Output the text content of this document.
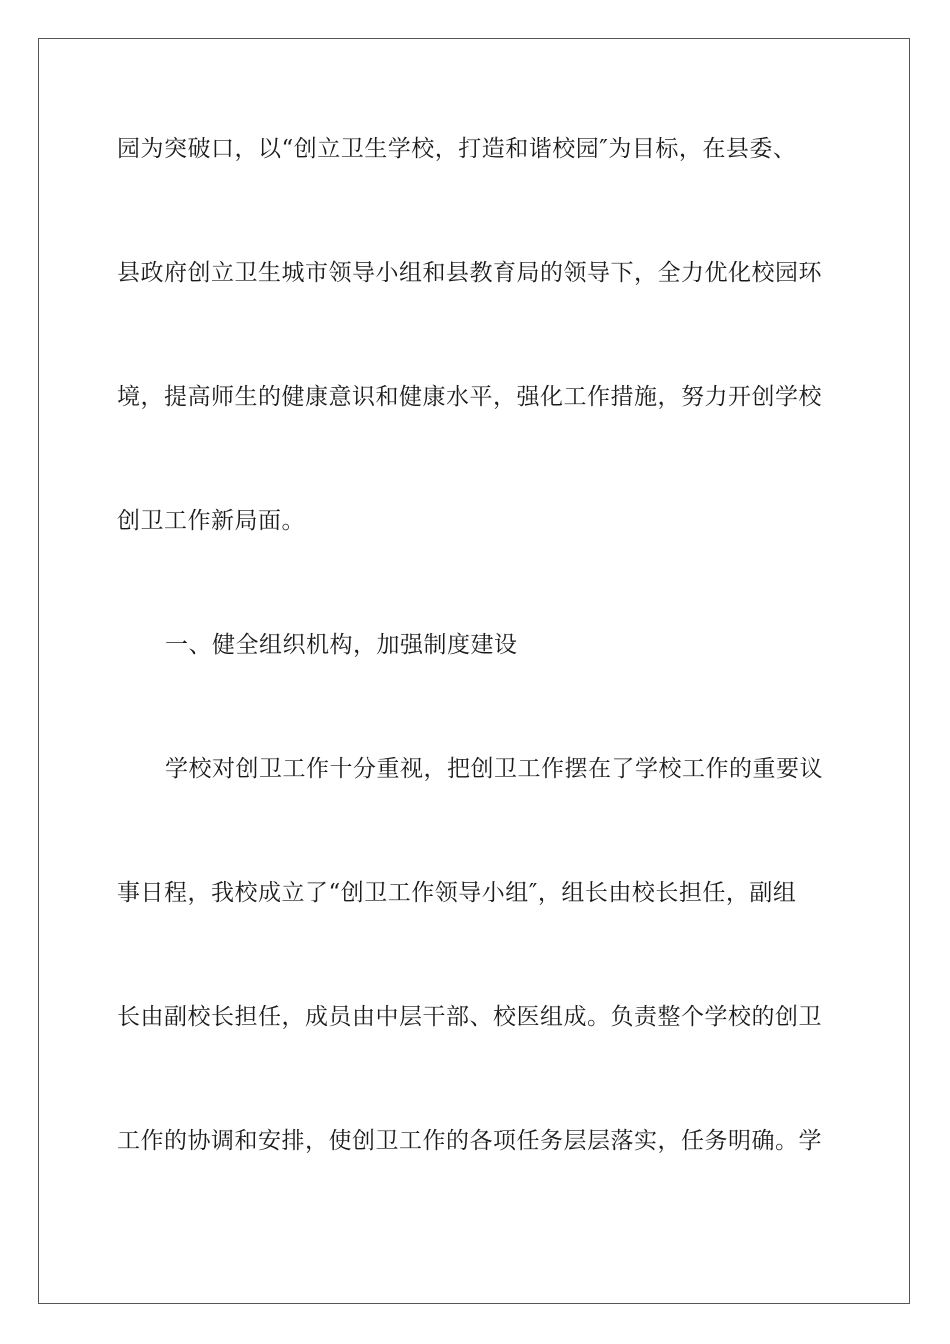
园为突破口，以“创立卫生学校，打造和谐校园″为目标，在县委、
县政府创立卫生城市领导小组和县教育局的领导下，全力优化校园环
境，提高师生的健康意识和健康水平，强化工作措施，努力开创学校
创卫工作新局面。
一、健全组织机构，加强制度建设
学校对创卫工作十分重视，把创卫工作摆在了学校工作的重要议
事日程，我校成立了“创卫工作领导小组″，组长由校长担任，副组
长由副校长担任，成员由中层干部、校医组成。负责整个学校的创卫
工作的协调和安排，使创卫工作的各项任务层层落实，任务明确。学
